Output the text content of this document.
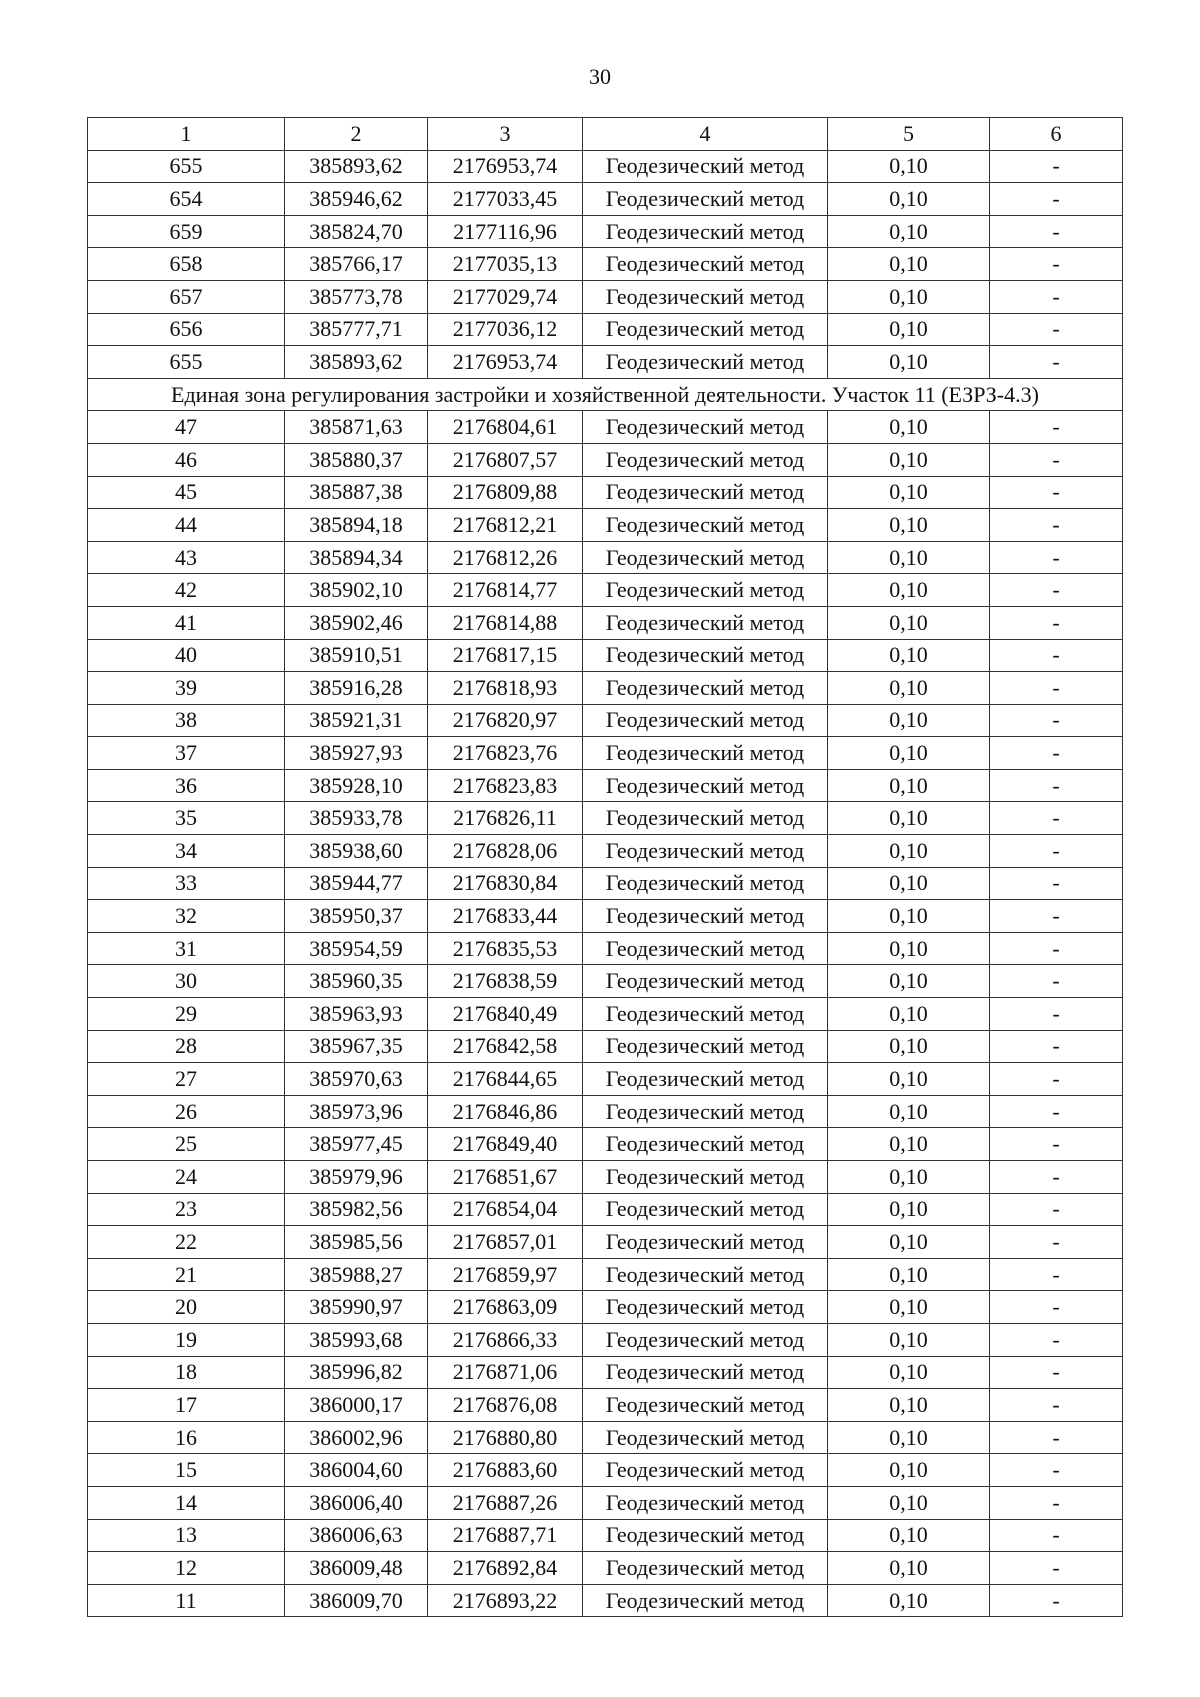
30
1	2	3	4	5	6
655	385893,62	2176953,74	Геодезический метод	0,10	-
654	385946,62	2177033,45	Геодезический метод	0,10	-
659	385824,70	2177116,96	Геодезический метод	0,10	-
658	385766,17	2177035,13	Геодезический метод	0,10	-
657	385773,78	2177029,74	Геодезический метод	0,10	-
656	385777,71	2177036,12	Геодезический метод	0,10	-
655	385893,62	2176953,74	Геодезический метод	0,10	-
Единая зона регулирования застройки и хозяйственной деятельности. Участок 11 (ЕЗРЗ-4.3)					
47	385871,63	2176804,61	Геодезический метод	0,10	-
46	385880,37	2176807,57	Геодезический метод	0,10	-
45	385887,38	2176809,88	Геодезический метод	0,10	-
44	385894,18	2176812,21	Геодезический метод	0,10	-
43	385894,34	2176812,26	Геодезический метод	0,10	-
42	385902,10	2176814,77	Геодезический метод	0,10	-
41	385902,46	2176814,88	Геодезический метод	0,10	-
40	385910,51	2176817,15	Геодезический метод	0,10	-
39	385916,28	2176818,93	Геодезический метод	0,10	-
38	385921,31	2176820,97	Геодезический метод	0,10	-
37	385927,93	2176823,76	Геодезический метод	0,10	-
36	385928,10	2176823,83	Геодезический метод	0,10	-
35	385933,78	2176826,11	Геодезический метод	0,10	-
34	385938,60	2176828,06	Геодезический метод	0,10	-
33	385944,77	2176830,84	Геодезический метод	0,10	-
32	385950,37	2176833,44	Геодезический метод	0,10	-
31	385954,59	2176835,53	Геодезический метод	0,10	-
30	385960,35	2176838,59	Геодезический метод	0,10	-
29	385963,93	2176840,49	Геодезический метод	0,10	-
28	385967,35	2176842,58	Геодезический метод	0,10	-
27	385970,63	2176844,65	Геодезический метод	0,10	-
26	385973,96	2176846,86	Геодезический метод	0,10	-
25	385977,45	2176849,40	Геодезический метод	0,10	-
24	385979,96	2176851,67	Геодезический метод	0,10	-
23	385982,56	2176854,04	Геодезический метод	0,10	-
22	385985,56	2176857,01	Геодезический метод	0,10	-
21	385988,27	2176859,97	Геодезический метод	0,10	-
20	385990,97	2176863,09	Геодезический метод	0,10	-
19	385993,68	2176866,33	Геодезический метод	0,10	-
18	385996,82	2176871,06	Геодезический метод	0,10	-
17	386000,17	2176876,08	Геодезический метод	0,10	-
16	386002,96	2176880,80	Геодезический метод	0,10	-
15	386004,60	2176883,60	Геодезический метод	0,10	-
14	386006,40	2176887,26	Геодезический метод	0,10	-
13	386006,63	2176887,71	Геодезический метод	0,10	-
12	386009,48	2176892,84	Геодезический метод	0,10	-
11	386009,70	2176893,22	Геодезический метод	0,10	-
